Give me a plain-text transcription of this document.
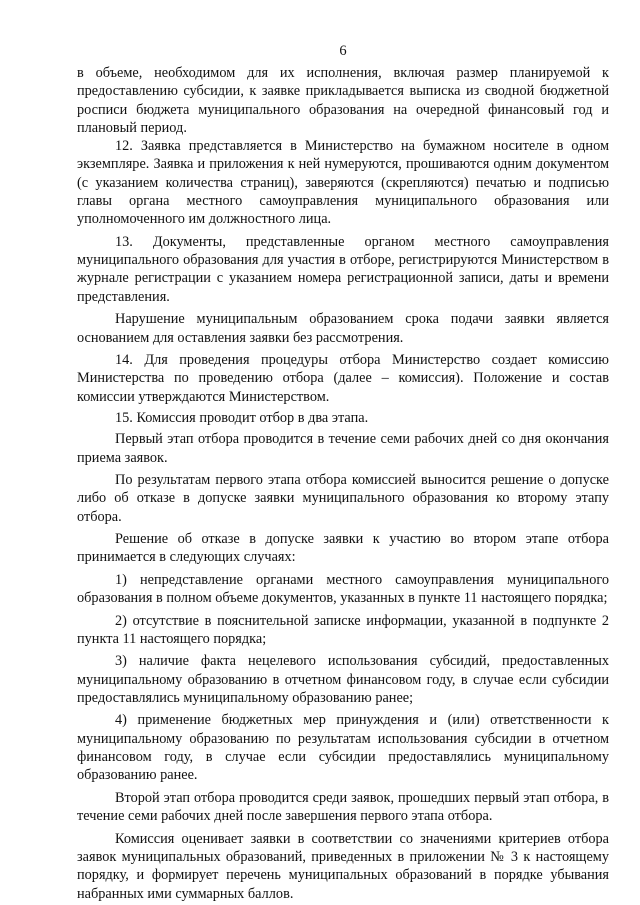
6

в объеме, необходимом для их исполнения, включая размер планируемой к предоставлению субсидии, к заявке прикладывается выписка из сводной бюджетной росписи бюджета муниципального образования на очередной финансовый год и плановый период.

12. Заявка представляется в Министерство на бумажном носителе в одном экземпляре. Заявка и приложения к ней нумеруются, прошиваются одним документом (с указанием количества страниц), заверяются (скрепляются) печатью и подписью главы органа местного самоуправления муниципального образования или уполномоченного им должностного лица.

13. Документы, представленные органом местного самоуправления муниципального образования для участия в отборе, регистрируются Министерством в журнале регистрации с указанием номера регистрационной записи, даты и времени представления.

Нарушение муниципальным образованием срока подачи заявки является основанием для оставления заявки без рассмотрения.

14. Для проведения процедуры отбора Министерство создает комиссию Министерства по проведению отбора (далее – комиссия). Положение и состав комиссии утверждаются Министерством.

15. Комиссия проводит отбор в два этапа.

Первый этап отбора проводится в течение семи рабочих дней со дня окончания приема заявок.

По результатам первого этапа отбора комиссией выносится решение о допуске либо об отказе в допуске заявки муниципального образования ко второму этапу отбора.

Решение об отказе в допуске заявки к участию во втором этапе отбора принимается в следующих случаях:

1) непредставление органами местного самоуправления муниципального образования в полном объеме документов, указанных в пункте 11 настоящего порядка;

2) отсутствие в пояснительной записке информации, указанной в подпункте 2 пункта 11 настоящего порядка;

3) наличие факта нецелевого использования субсидий, предоставленных муниципальному образованию в отчетном финансовом году, в случае если субсидии предоставлялись муниципальному образованию ранее;

4) применение бюджетных мер принуждения и (или) ответственности к муниципальному образованию по результатам использования субсидии в отчетном финансовом году, в случае если субсидии предоставлялись муниципальному образованию ранее.

Второй этап отбора проводится среди заявок, прошедших первый этап отбора, в течение семи рабочих дней после завершения первого этапа отбора.

Комиссия оценивает заявки в соответствии со значениями критериев отбора заявок муниципальных образований, приведенных в приложении № 3 к настоящему порядку, и формирует перечень муниципальных образований в порядке убывания набранных ими суммарных баллов.
